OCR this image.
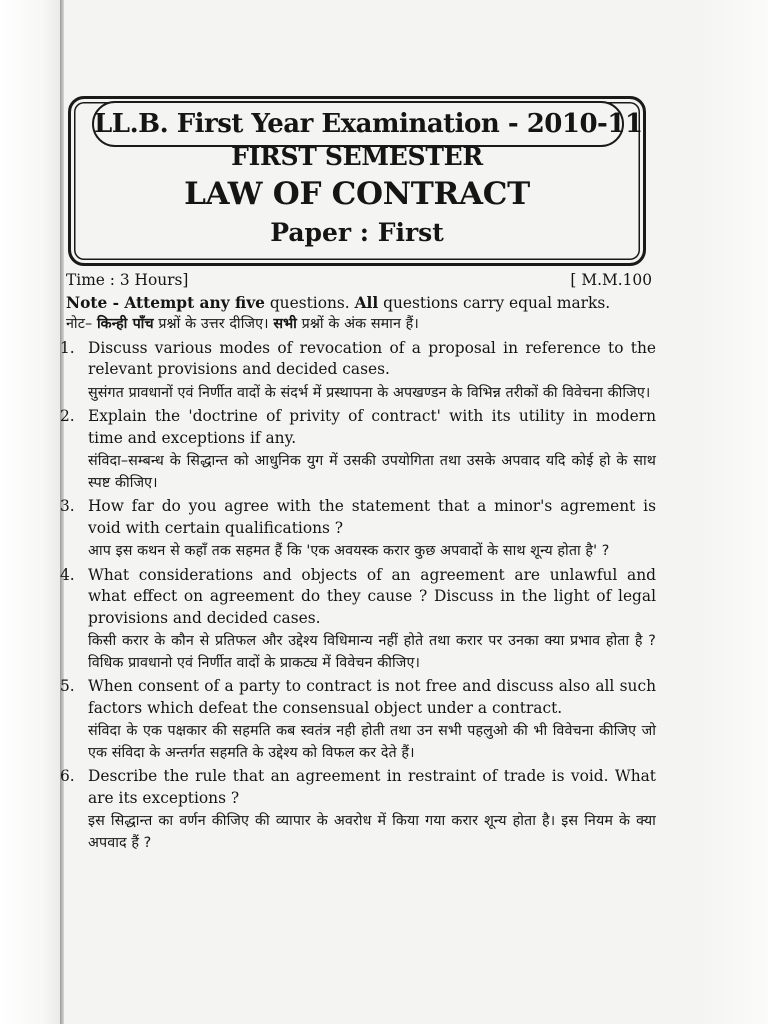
LL.B. First Year Examination - 2010-11
FIRST SEMESTER
LAW OF CONTRACT
Paper : First
Time : 3 Hours]	[ M.M.100
Note - Attempt any five questions. All questions carry equal marks.
नोट– किन्ही पाँच प्रश्नों के उत्तर दीजिए। सभी प्रश्नों के अंक समान हैं।
1. Discuss various modes of revocation of a proposal in reference to the relevant provisions and decided cases.
सुसंगत प्रावधानों एवं निर्णीत वादों के संदर्भ में प्रस्थापना के अपखण्डन के विभिन्न तरीकों की विवेचना कीजिए।
2. Explain the 'doctrine of privity of contract' with its utility in modern time and exceptions if any.
संविदा–सम्बन्ध के सिद्धान्त को आधुनिक युग में उसकी उपयोगिता तथा उसके अपवाद यदि कोई हो के साथ स्पष्ट कीजिए।
3. How far do you agree with the statement that a minor's agrement is void with certain qualifications ?
आप इस कथन से कहाँ तक सहमत हैं कि 'एक अवयस्क करार कुछ अपवादों के साथ शून्य होता है' ?
4. What considerations and objects of an agreement are unlawful and what effect on agreement do they cause ? Discuss in the light of legal provisions and decided cases.
किसी करार के कौन से प्रतिफल और उद्देश्य विधिमान्य नहीं होते तथा करार पर उनका क्या प्रभाव होता है ? विधिक प्रावधानो एवं निर्णीत वादों के प्राकट्य में विवेचन कीजिए।
5. When consent of a party to contract is not free and discuss also all such factors which defeat the consensual object under a contract.
संविदा के एक पक्षकार की सहमति कब स्वतंत्र नही होती तथा उन सभी पहलुओ की भी विवेचना कीजिए जो एक संविदा के अन्तर्गत सहमति के उद्देश्य को विफल कर देते हैं।
6. Describe the rule that an agreement in restraint of trade is void. What are its exceptions ?
इस सिद्धान्त का वर्णन कीजिए की व्यापार के अवरोध में किया गया करार शून्य होता है। इस नियम के क्या अपवाद हैं ?
